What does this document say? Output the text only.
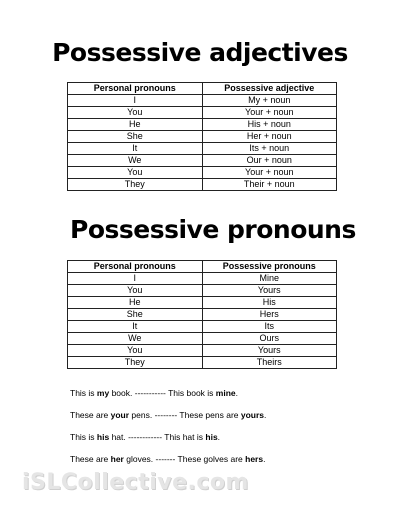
Possessive adjectives
Personal pronouns	Possessive adjective
I	My + noun
You	Your + noun
He	His + noun
She	Her + noun
It	Its + noun
We	Our + noun
You	Your + noun
They	Their + noun
Possessive pronouns
Personal pronouns	Possessive pronouns
I	Mine
You	Yours
He	His
She	Hers
It	Its
We	Ours
You	Yours
They	Theirs
This is my book. ----------- This book is mine.
These are your pens. -------- These pens are yours.
This is his hat. ------------ This hat is his.
These are her gloves. ------- These golves are hers.
iSLCollective.com
